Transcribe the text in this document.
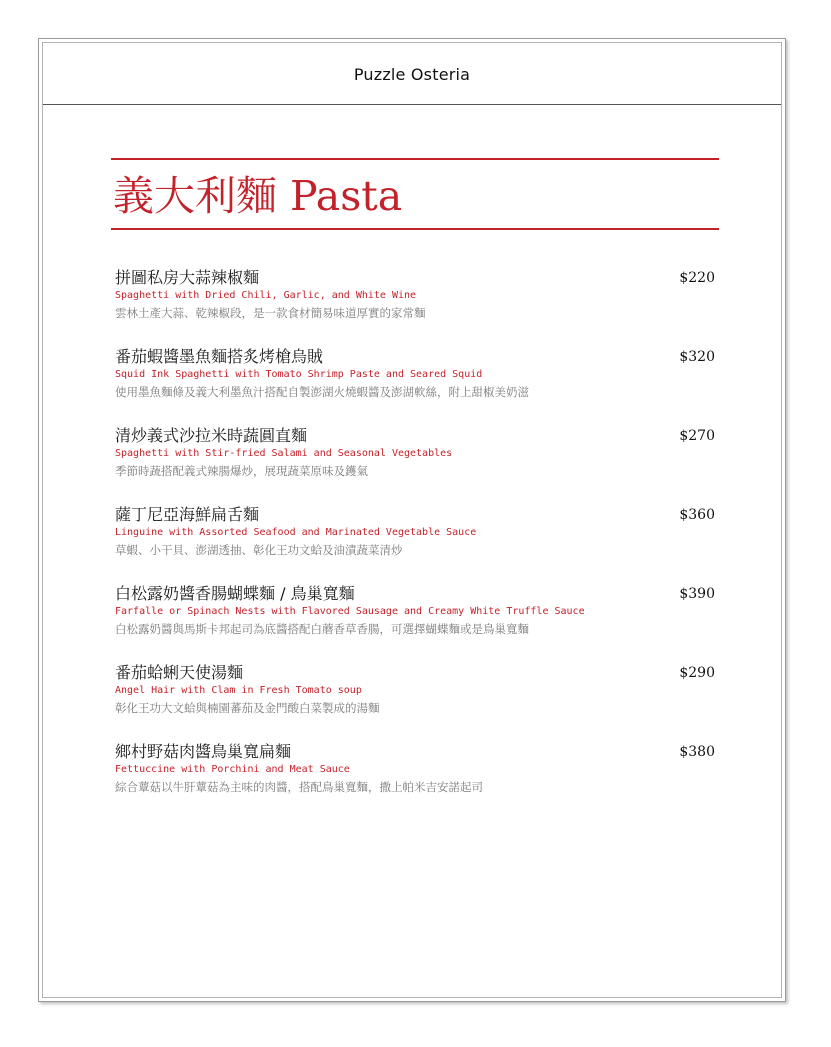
Puzzle Osteria
義大利麵 Pasta
拼圖私房大蒜辣椒麵
Spaghetti with Dried Chili, Garlic, and White Wine
雲林土產大蒜、乾辣椒段，是一款食材簡易味道厚實的家常麵
$220
番茄蝦醬墨魚麵搭炙烤槍烏賊
Squid Ink Spaghetti with Tomato Shrimp Paste and Seared Squid
使用墨魚麵條及義大利墨魚汁搭配自製澎湖火燒蝦醬及澎湖軟絲，附上甜椒美奶滋
$320
清炒義式沙拉米時蔬圓直麵
Spaghetti with Stir-fried Salami and Seasonal Vegetables
季節時蔬搭配義式辣腸爆炒，展現蔬菜原味及鑊氣
$270
薩丁尼亞海鮮扁舌麵
Linguine with Assorted Seafood and Marinated Vegetable Sauce
草蝦、小干貝、澎湖透抽、彰化王功文蛤及油漬蔬菜清炒
$360
白松露奶醬香腸蝴蝶麵 / 鳥巢寬麵
Farfalle or Spinach Nests with Flavored Sausage and Creamy White Truffle Sauce
白松露奶醬與馬斯卡邦起司為底醬搭配白蘑香草香腸，可選擇蝴蝶麵或是鳥巢寬麵
$390
番茄蛤蜊天使湯麵
Angel Hair with Clam in Fresh Tomato soup
彰化王功大文蛤與楠園蕃茄及金門酸白菜製成的湯麵
$290
鄉村野菇肉醬鳥巢寬扁麵
Fettuccine with Porchini and Meat Sauce
綜合蕈菇以牛肝蕈菇為主味的肉醬，搭配鳥巢寬麵，撒上帕米吉安諾起司
$380
